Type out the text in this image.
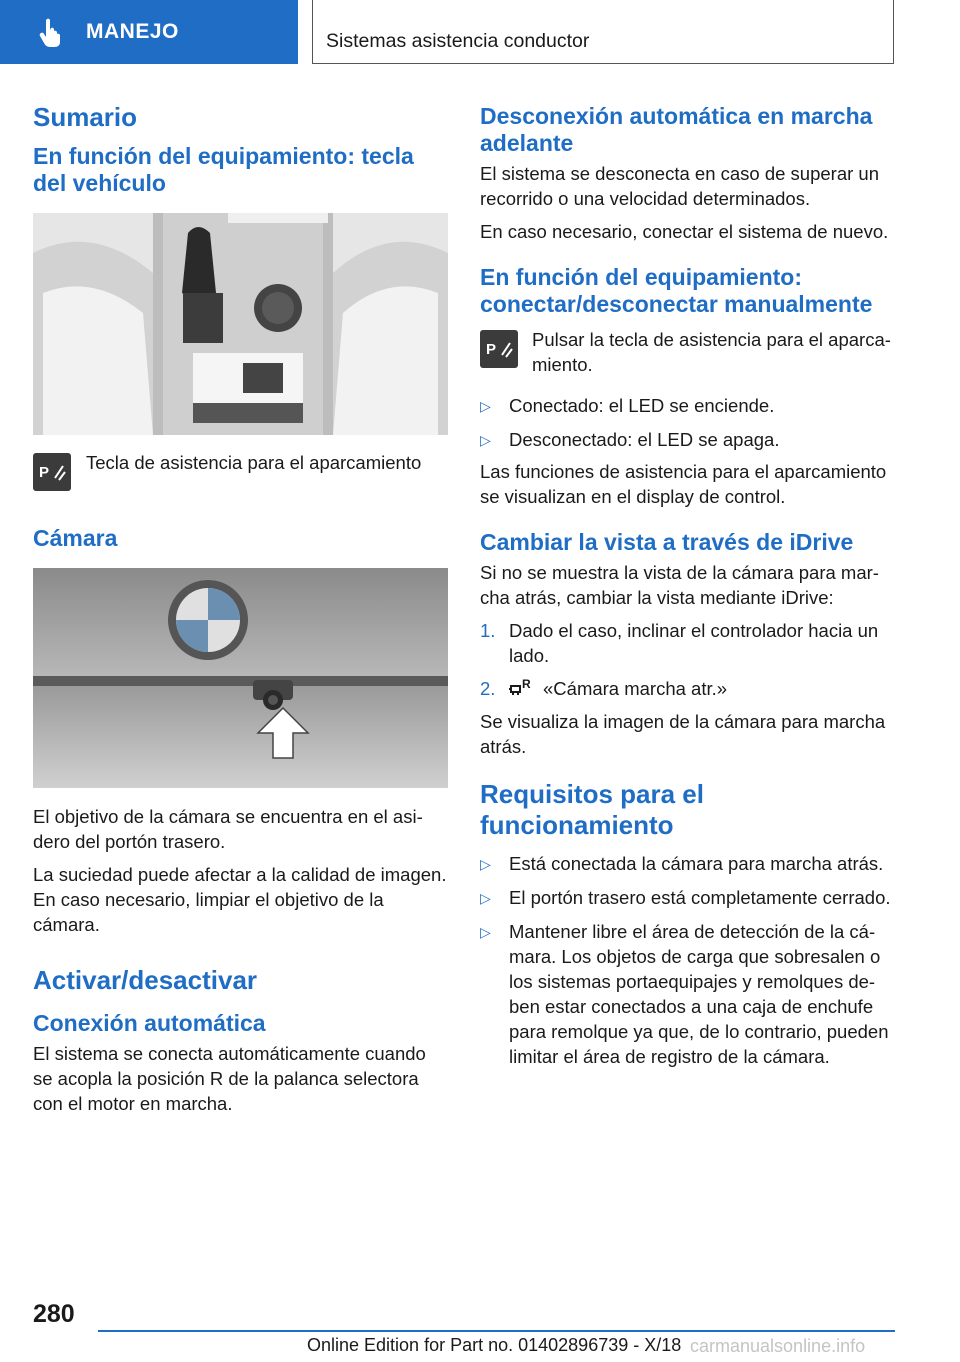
MANEJO	Sistemas asistencia conductor
Sumario
En función del equipamiento: tecla del vehículo
P Tecla de asistencia para el aparcamiento

Cámara

El objetivo de la cámara se encuentra en el asidero del portón trasero.

La suciedad puede afectar a la calidad de imagen. En caso necesario, limpiar el objetivo de la cámara.

Activar/desactivar
Conexión automática

El sistema se conecta automáticamente cuando se acopla la posición R de la palanca selectora con el motor en marcha.

Desconexión automática en marcha adelante

El sistema se desconecta en caso de superar un recorrido o una velocidad determinados.

En caso necesario, conectar el sistema de nuevo.

En función del equipamiento: conectar/desconectar manualmente
P Pulsar la tecla de asistencia para el aparcamiento.

▷ Conectado: el LED se enciende.
▷ Desconectado: el LED se apaga.

Las funciones de asistencia para el aparcamiento se visualizan en el display de control.

Cambiar la vista a través de iDrive

Si no se muestra la vista de la cámara para marcha atrás, cambiar la vista mediante iDrive:

1. Dado el caso, inclinar el controlador hacia un lado.
2.	R «Cámara marcha atr.»

Se visualiza la imagen de la cámara para marcha atrás.

Requisitos para el funcionamiento
▷ Está conectada la cámara para marcha atrás.
▷ El portón trasero está completamente cerrado.
▷ Mantener libre el área de detección de la cámara. Los objetos de carga que sobresalen o los sistemas portaequipajes y remolques deben estar conectados a una caja de enchufe para remolque ya que, de lo contrario, pueden limitar el área de registro de la cámara.
280
Online Edition for Part no. 01402896739 - X/18 carmanualsonline.info
